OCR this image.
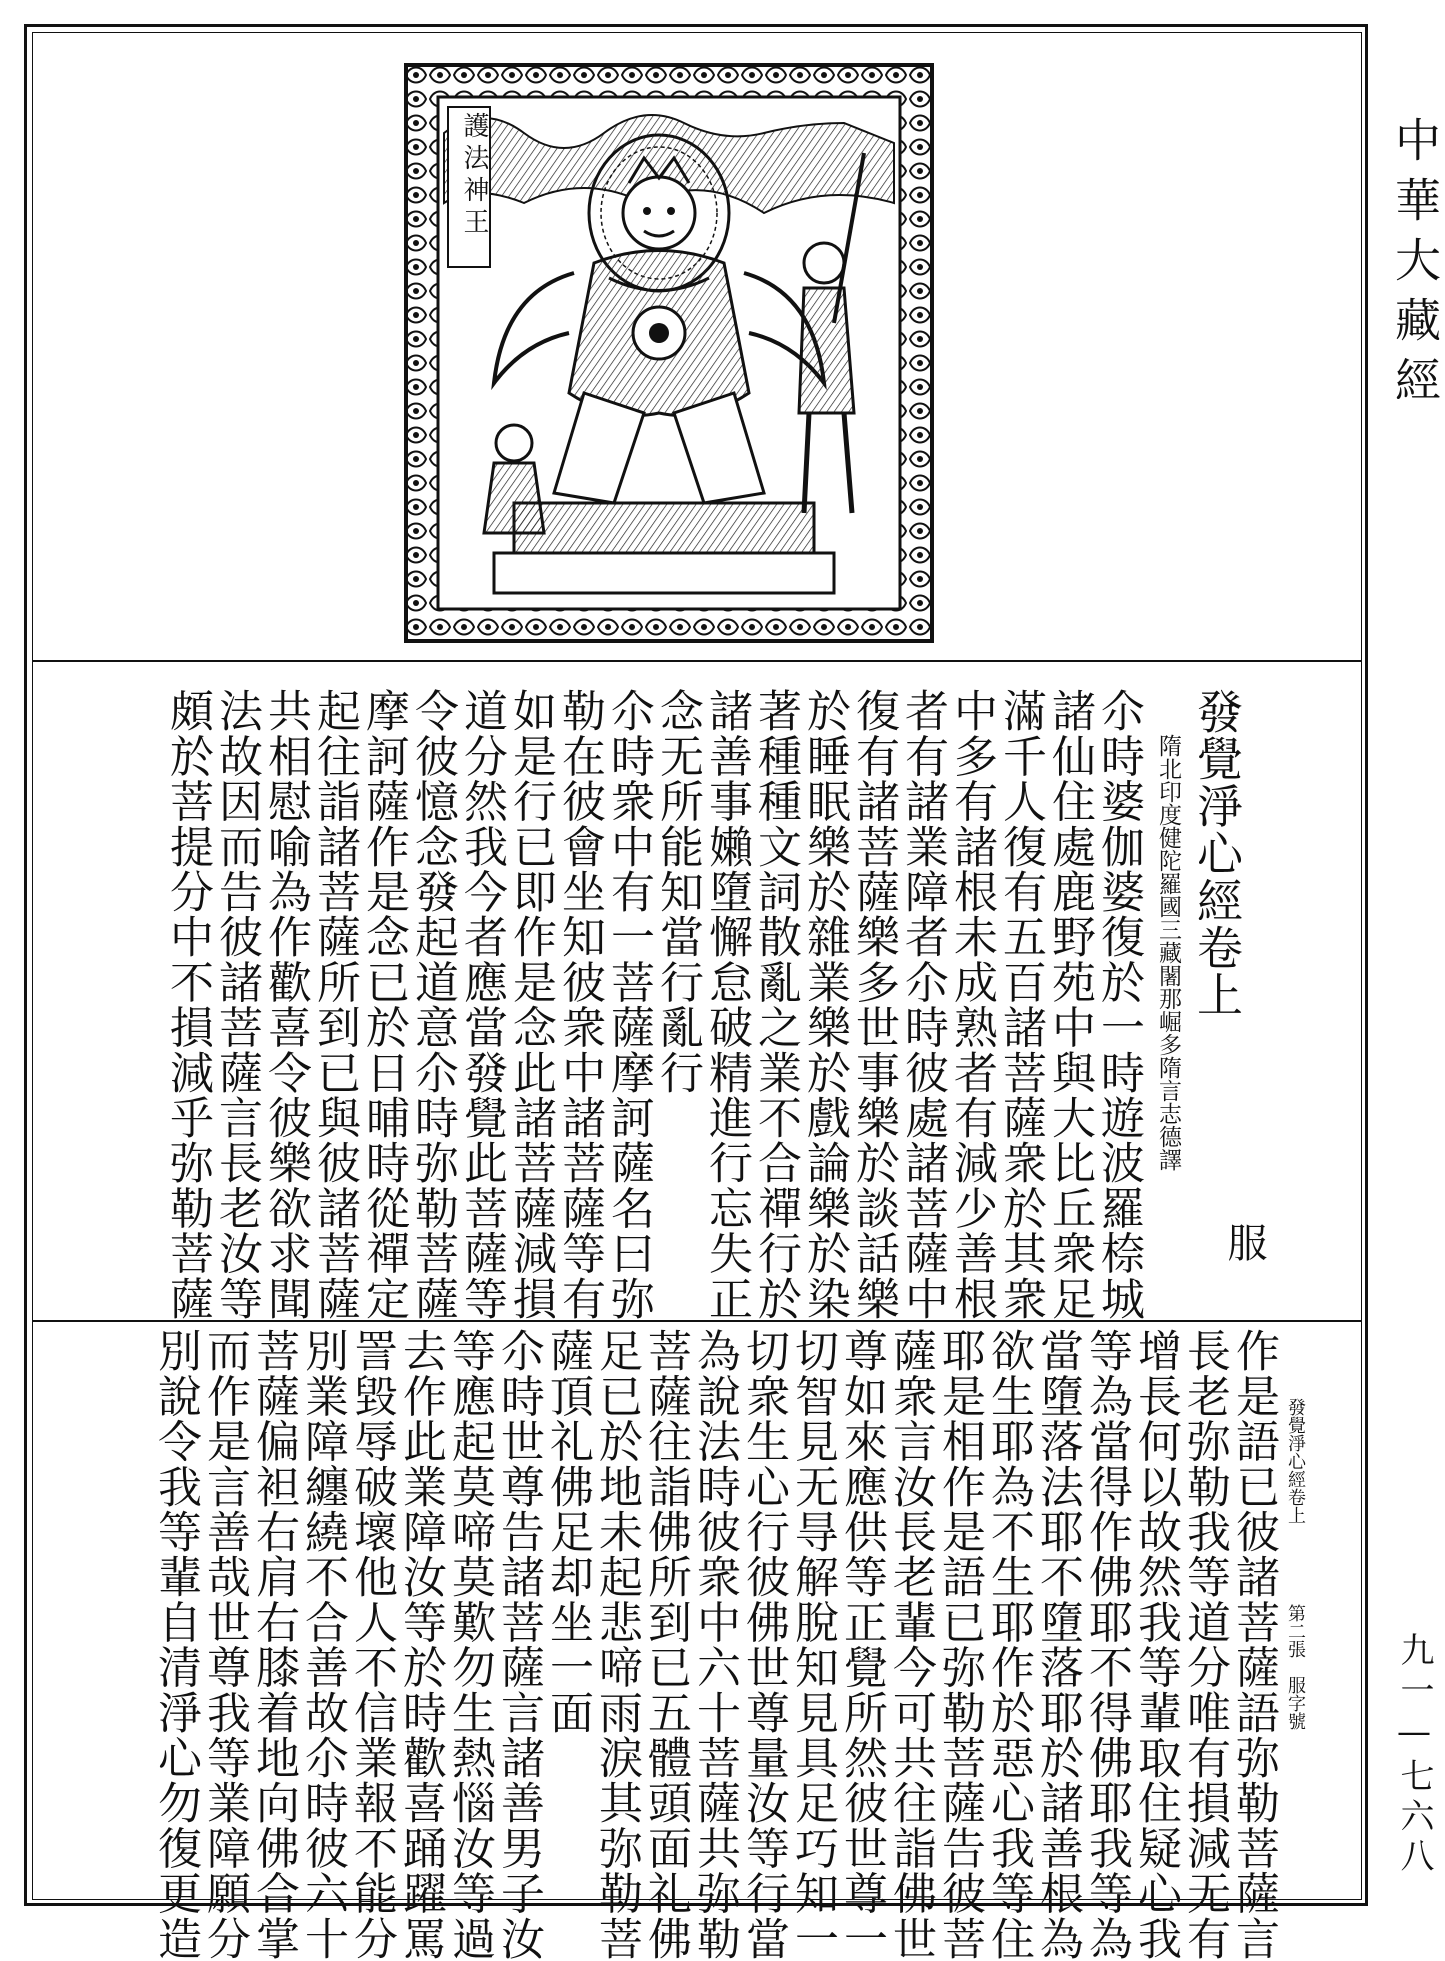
中華大藏經
九一—七六八
護法神王
服
發覺淨心經卷上
隋北印度健陀羅國三藏闍那崛多隋言志德譯
尒時婆伽婆復於一時遊波羅㮈城
諸仙住處鹿野苑中與大比丘衆足
滿千人復有五百諸菩薩衆於其衆
中多有諸根未成熟者有減少善根
者有諸業障者尒時彼處諸菩薩中
復有諸菩薩樂多世事樂於談話樂
於睡眠樂於雜業樂於戲論樂於染
著種種文詞散亂之業不合禪行於
諸善事嬾墮懈怠破精進行忘失正
念无所能知當行亂行
尒時衆中有一菩薩摩訶薩名曰弥
勒在彼會坐知彼衆中諸菩薩等有
如是行已即作是念此諸菩薩減損
道分然我今者應當發覺此菩薩等
令彼憶念發起道意尒時弥勒菩薩
摩訶薩作是念已於日晡時從禪定
起往詣諸菩薩所到已與彼諸菩薩
共相慰喻為作歡喜令彼樂欲求聞
法故因而告彼諸菩薩言長老汝等
頗於菩提分中不損減乎弥勒菩薩
發覺淨心經卷上
第二張　服字號
作是語已彼諸菩薩語弥勒菩薩言
長老弥勒我等道分唯有損減无有
增長何以故然我等輩取住疑心我
等為當得作佛耶不得佛耶我等為
當墮落法耶不墮落耶於諸善根為
欲生耶為不生耶作於惡心我等住
耶是相作是語已弥勒菩薩告彼菩
薩衆言汝長老輩今可共往詣佛世
尊如來應供等正覺所然彼世尊一
切智見无㝵解脫知見具足巧知一
切衆生心行彼佛世尊量汝等行當
為說法時彼衆中六十菩薩共弥勒
菩薩往詣佛所到已五體頭面礼佛
足已於地未起悲啼雨淚其弥勒菩
薩頂礼佛足却坐一面
尒時世尊告諸菩薩言諸善男子汝
等應起莫啼莫歎勿生熱惱汝等過
去作此業障汝等於時歡喜踊躍罵
詈毀辱破壞他人不信業報不能分
別業障纏繞不合善故尒時彼六十
菩薩偏袒右肩右膝着地向佛合掌
而作是言善哉世尊我等業障願分
別說令我等輩自清淨心勿復更造
